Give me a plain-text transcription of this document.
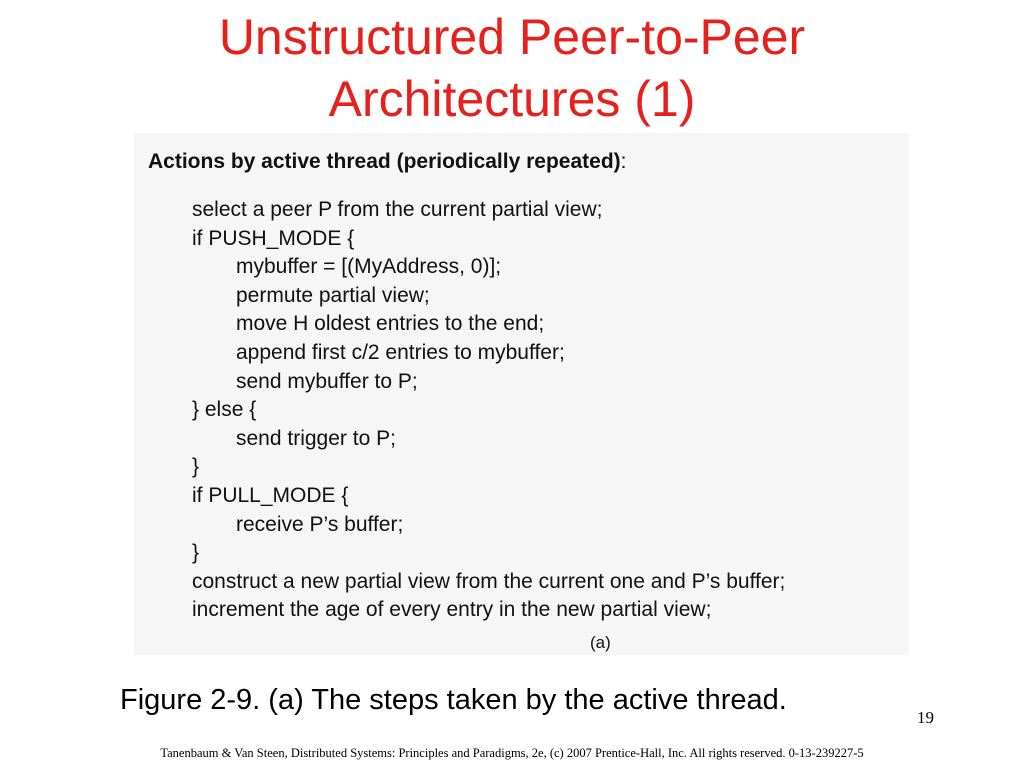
Unstructured Peer-to-Peer
Architectures (1)
Actions by active thread (periodically repeated):
select a peer P from the current partial view;
if PUSH_MODE {
mybuffer = [(MyAddress, 0)];
permute partial view;
move H oldest entries to the end;
append first c/2 entries to mybuffer;
send mybuffer to P;
} else {
send trigger to P;
}
if PULL_MODE {
receive P’s buffer;
}
construct a new partial view from the current one and P’s buffer;
increment the age of every entry in the new partial view;
(a)
Figure 2-9. (a) The steps taken by the active thread.
19
Tanenbaum & Van Steen, Distributed Systems: Principles and Paradigms, 2e, (c) 2007 Prentice-Hall, Inc. All rights reserved. 0-13-239227-5
